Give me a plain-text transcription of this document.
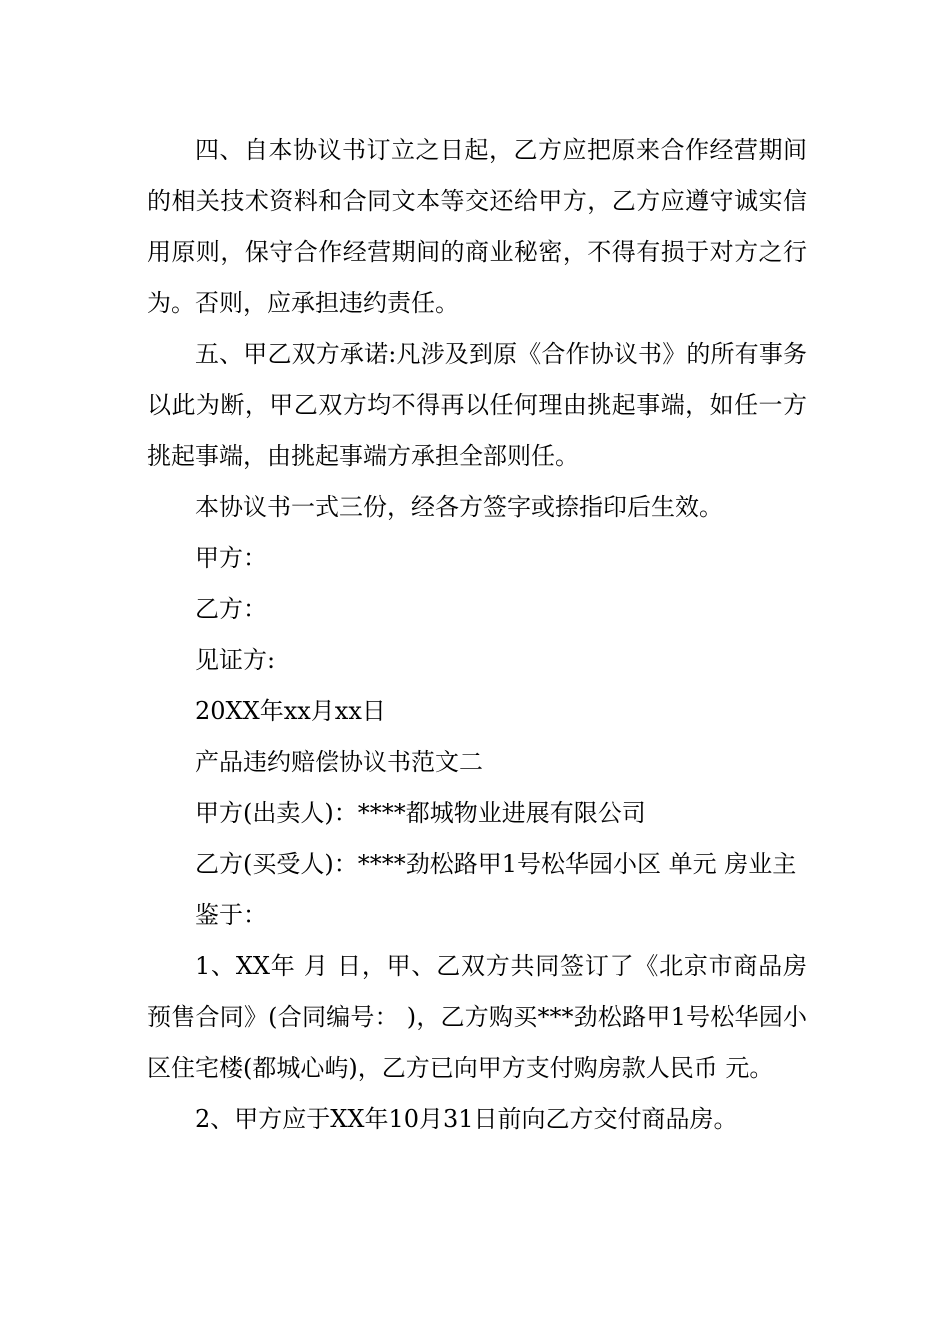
四、自本协议书订立之日起，乙方应把原来合作经营期间的相关技术资料和合同文本等交还给甲方，乙方应遵守诚实信用原则，保守合作经营期间的商业秘密，不得有损于对方之行为。否则，应承担违约责任。

五、甲乙双方承诺:凡涉及到原《合作协议书》的所有事务以此为断，甲乙双方均不得再以任何理由挑起事端，如任一方挑起事端，由挑起事端方承担全部则任。

本协议书一式三份，经各方签字或捺指印后生效。

甲方：

乙方：

见证方:

20XX年xx月xx日

产品违约赔偿协议书范文二

甲方(出卖人)：****都城物业进展有限公司

乙方(买受人)：****劲松路甲1号松华园小区 单元 房业主

鉴于：

1、XX年 月 日，甲、乙双方共同签订了《北京市商品房预售合同》(合同编号： )，乙方购买***劲松路甲1号松华园小区住宅楼(都城心屿)，乙方已向甲方支付购房款人民币 元。

2、甲方应于XX年10月31日前向乙方交付商品房。
